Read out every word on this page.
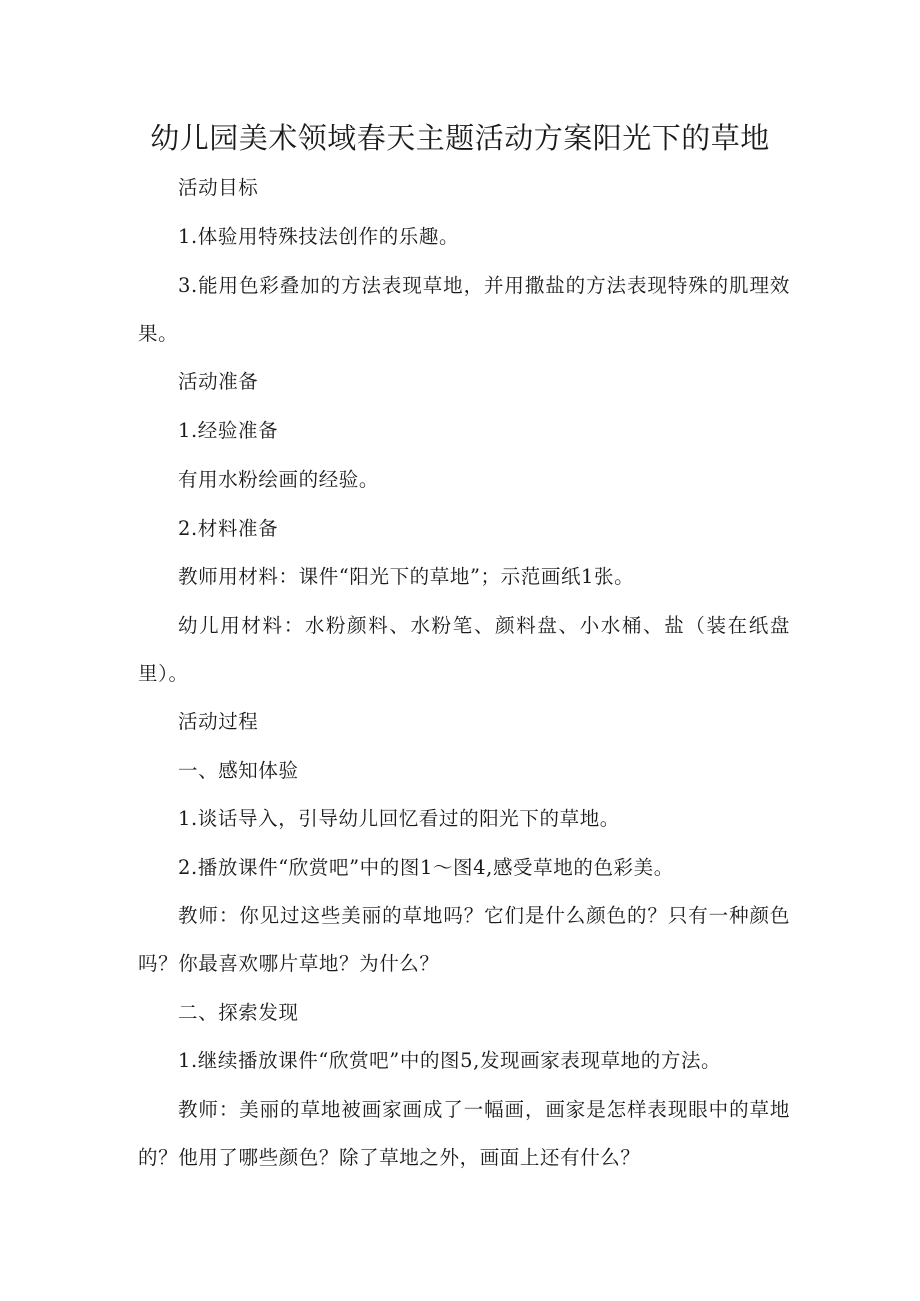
幼儿园美术领域春天主题活动方案阳光下的草地

活动目标

1.体验用特殊技法创作的乐趣。

3.能用色彩叠加的方法表现草地，并用撒盐的方法表现特殊的肌理效果。

活动准备

1.经验准备

有用水粉绘画的经验。

2.材料准备

教师用材料：课件“阳光下的草地”；示范画纸1张。

幼儿用材料：水粉颜料、水粉笔、颜料盘、小水桶、盐（装在纸盘里）。

活动过程

一、感知体验

1.谈话导入，引导幼儿回忆看过的阳光下的草地。

2.播放课件“欣赏吧”中的图1～图4,感受草地的色彩美。

教师：你见过这些美丽的草地吗？它们是什么颜色的？只有一种颜色吗？你最喜欢哪片草地？为什么？

二、探索发现

1.继续播放课件“欣赏吧”中的图5,发现画家表现草地的方法。

教师：美丽的草地被画家画成了一幅画，画家是怎样表现眼中的草地的？他用了哪些颜色？除了草地之外，画面上还有什么？
